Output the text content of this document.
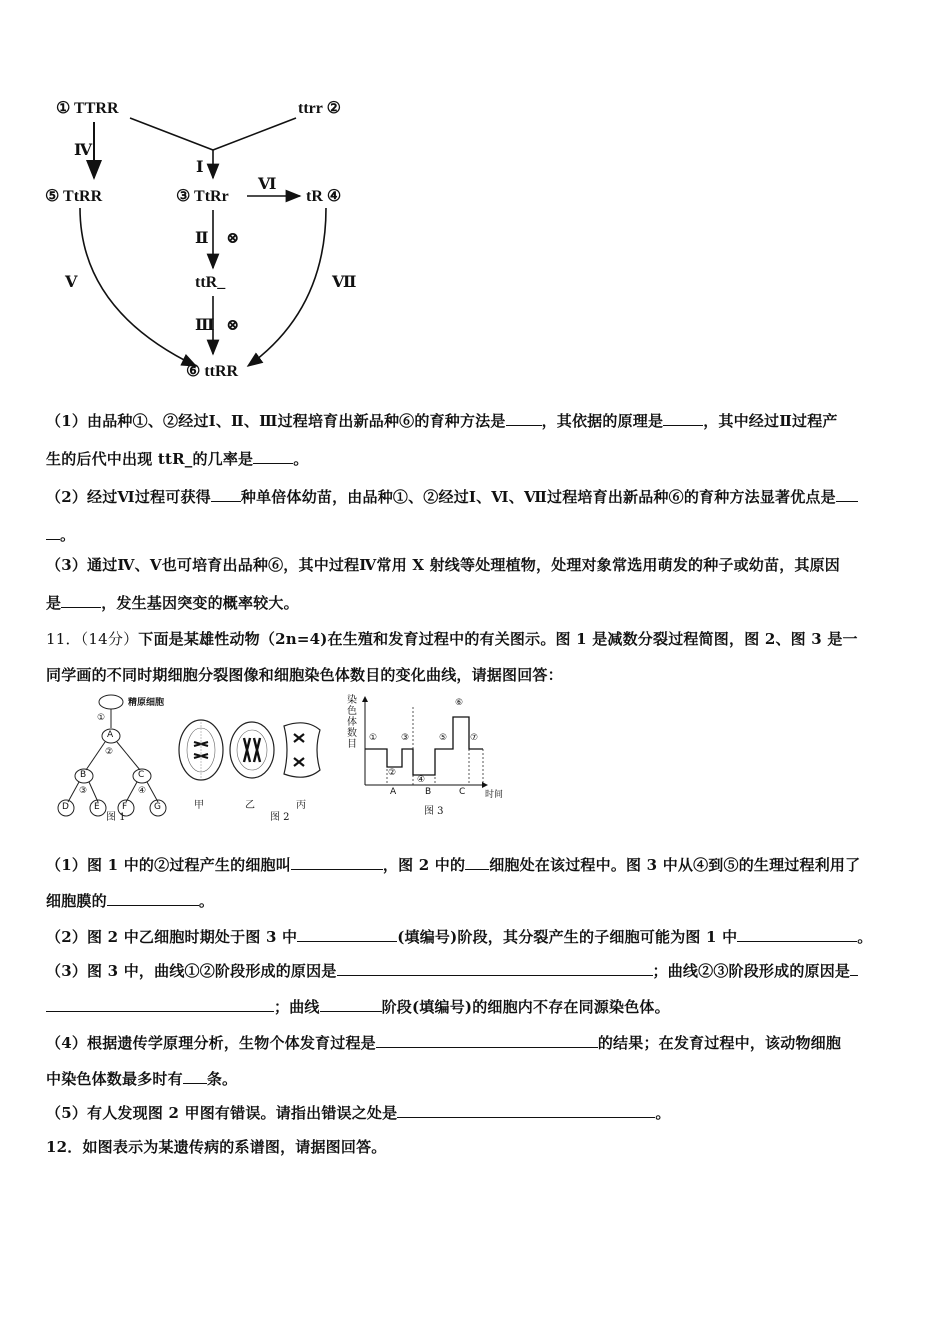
① TTRR	ttrr ②
⑤ TtRR	③ TtRr	tR ④
ttR_
⑥ ttRR
Ⅳ
Ⅰ
Ⅵ
Ⅱ ⊗
Ⅲ ⊗
Ⅴ	Ⅶ
（1）由品种①、②经过Ⅰ、Ⅱ、Ⅲ过程培育出新品种⑥的育种方法是 ，其依据的原理是	，其中经过Ⅱ过程产
生的后代中出现 ttR_的几率是	。
（2）经过Ⅵ过程可获得 种单倍体幼苗，由品种①、②经过Ⅰ、Ⅵ、Ⅶ过程培育出新品种⑥的育种方法显著优点是
。
（3）通过Ⅳ、Ⅴ也可培育出品种⑥，其中过程Ⅳ常用 X 射线等处理植物，处理对象常选用萌发的种子或幼苗，其原因
是	，发生基因突变的概率较大。
11．（14分）下面是某雄性动物（2n=4)在生殖和发育过程中的有关图示。图 1 是减数分裂过程简图，图 2、图 3 是一
同学画的不同时期细胞分裂图像和细胞染色体数目的变化曲线，请据图回答：
精原细胞
①
A
②
B	C
③	④
D	E F	G
图 1
甲	乙	丙
图 2
染
色
体
数
目
①
②
③
④
⑤
⑥
⑦
A	B	C 时间
图 3
（1）图 1 中的②过程产生的细胞叫	，图 2 中的 细胞处在该过程中。图 3 中从④到⑤的生理过程利用了
细胞膜的	。
（2）图 2 中乙细胞时期处于图 3 中	(填编号)阶段，其分裂产生的子细胞可能为图 1 中	。
（3）图 3 中，曲线①②阶段形成的原因是	；曲线②③阶段形成的原因是
；曲线	阶段(填编号)的细胞内不存在同源染色体。
（4）根据遗传学原理分析，生物个体发育过程是	的结果；在发育过程中，该动物细胞
中染色体数最多时有 条。
（5）有人发现图 2 甲图有错误。请指出错误之处是	。
12．如图表示为某遗传病的系谱图，请据图回答。
